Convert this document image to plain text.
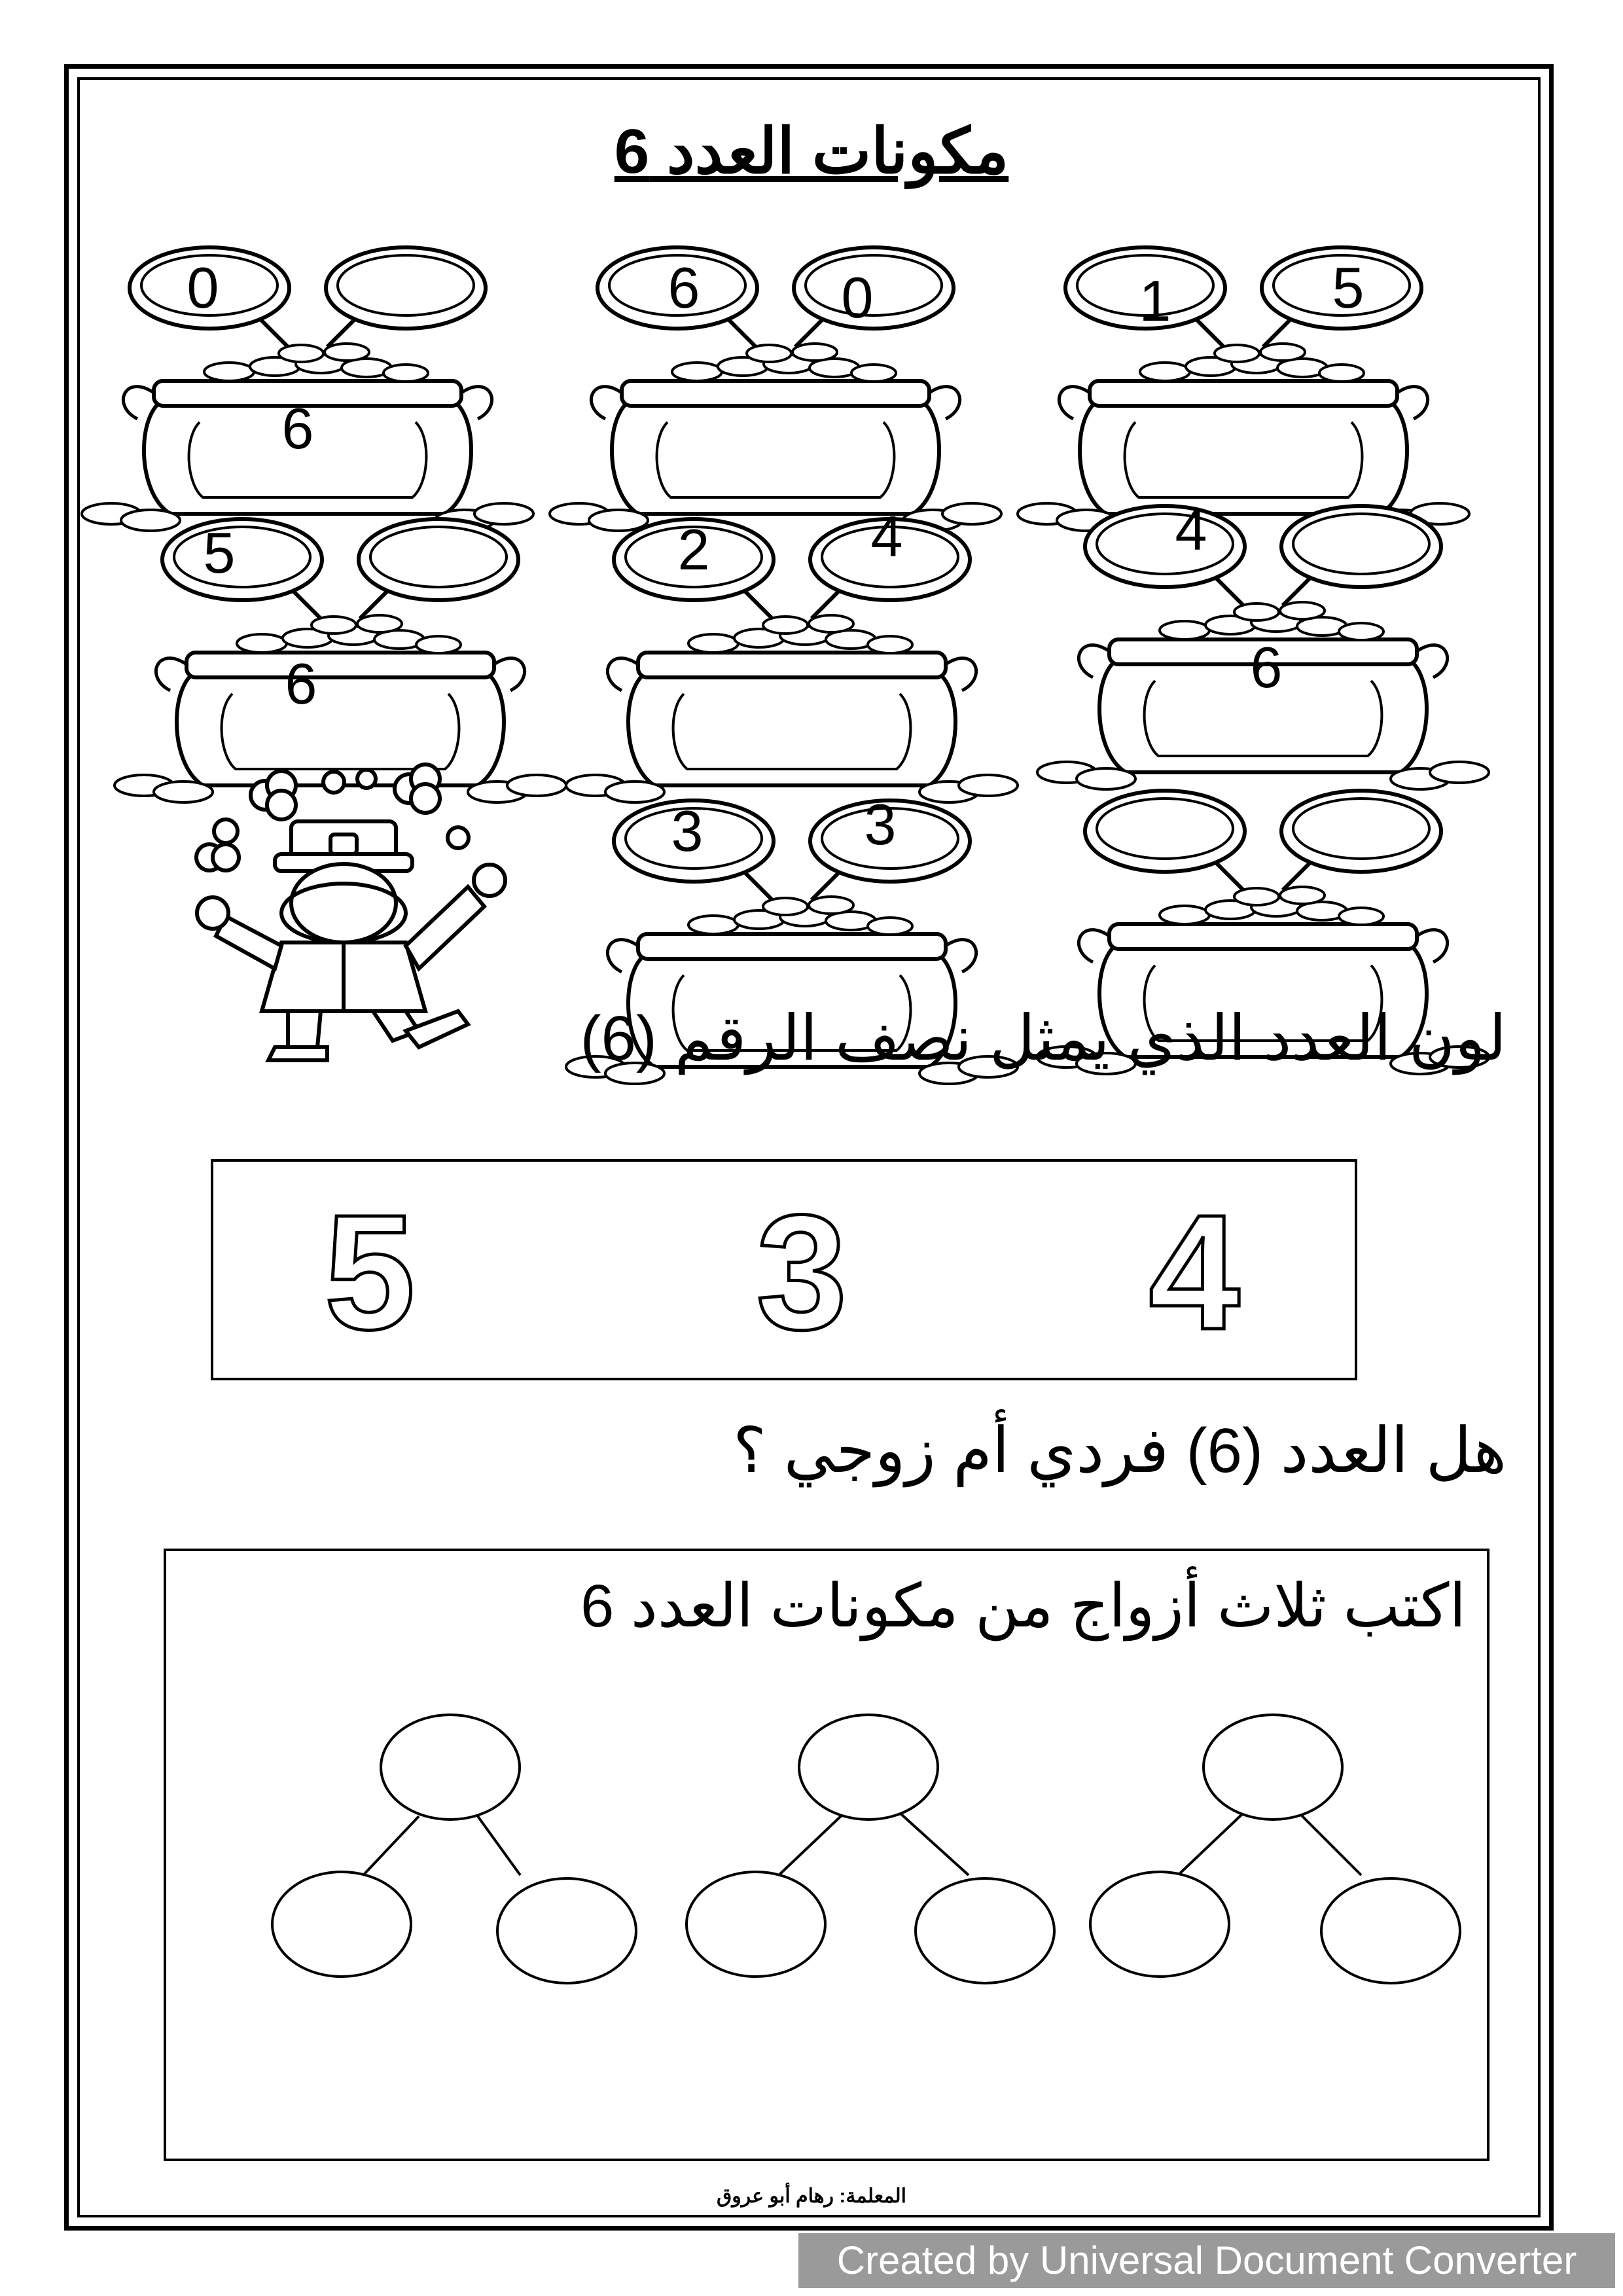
مكونات العدد 6
0
6
6 0	1	5
5
6
2	4	4
6
3	3
5 3 4
لون العدد الذي يمثل نصف الرقم (6)
هل العدد (6) فردي أم زوجي ؟
اكتب ثلاث أزواج من مكونات العدد 6
المعلمة: رهام أبو عروق
Created by Universal Document Converter
